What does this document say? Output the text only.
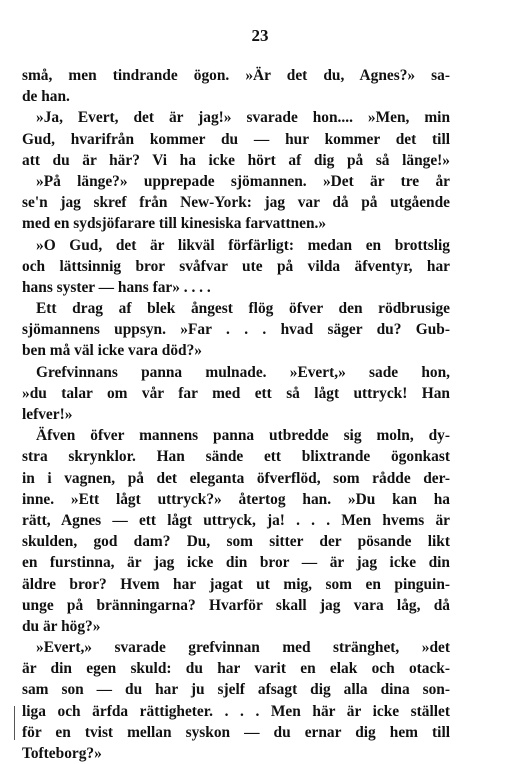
23
små, men tindrande ögon. »Är det du, Agnes?» sa-
de han.
»Ja, Evert, det är jag!» svarade hon.... »Men, min
Gud, hvarifrån kommer du — hur kommer det till
att du är här? Vi ha icke hört af dig på så länge!»
»På länge?» upprepade sjömannen. »Det är tre år
se'n jag skref från New-York: jag var då på utgående
med en sydsjöfarare till kinesiska farvattnen.»
»O Gud, det är likväl förfärligt: medan en brottslig
och lättsinnig bror svåfvar ute på vilda äfventyr, har
hans syster — hans far» . . . .
Ett drag af blek ångest flög öfver den rödbrusige
sjömannens uppsyn. »Far . . . hvad säger du? Gub-
ben må väl icke vara död?»
Grefvinnans panna mulnade. »Evert,» sade hon,
»du talar om vår far med ett så lågt uttryck! Han
lefver!»
Äfven öfver mannens panna utbredde sig moln, dy-
stra skrynklor. Han sände ett blixtrande ögonkast
in i vagnen, på det eleganta öfverflöd, som rådde der-
inne. »Ett lågt uttryck?» återtog han. »Du kan ha
rätt, Agnes — ett lågt uttryck, ja! . . . Men hvems är
skulden, god dam? Du, som sitter der pösande likt
en furstinna, är jag icke din bror — är jag icke din
äldre bror? Hvem har jagat ut mig, som en pinguin-
unge på bränningarna? Hvarför skall jag vara låg, då
du är hög?»
»Evert,» svarade grefvinnan med stränghet, »det
är din egen skuld: du har varit en elak och otack-
sam son — du har ju sjelf afsagt dig alla dina son-
liga och ärfda rättigheter. . . . Men här är icke stället
för en tvist mellan syskon — du ernar dig hem till
Tofteborg?»
